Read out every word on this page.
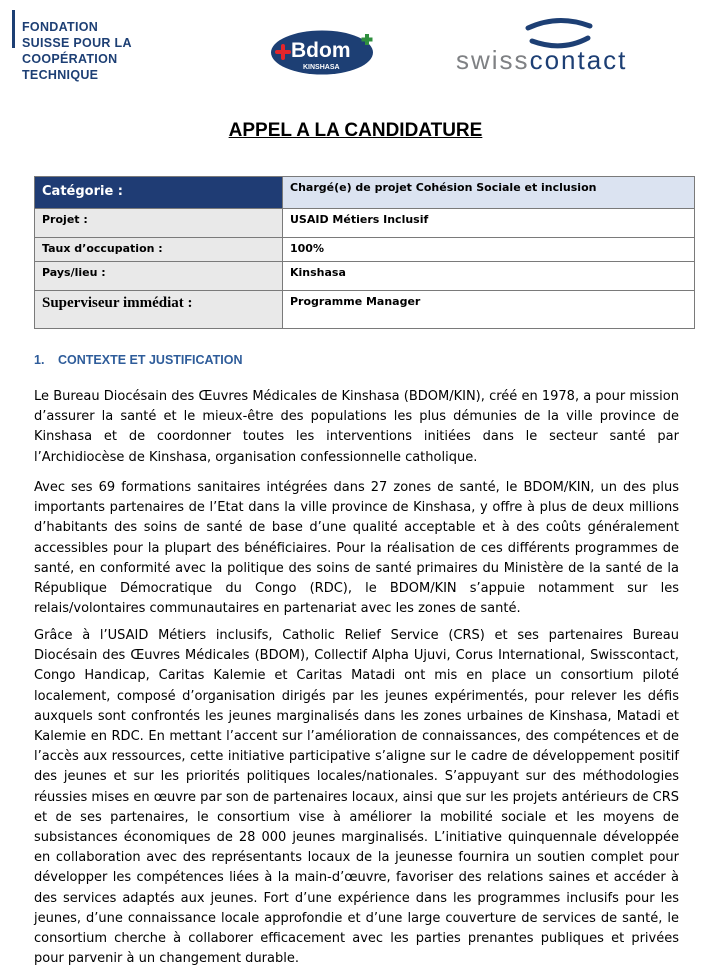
FONDATION
SUISSE POUR LA
COOPÉRATION
TECHNIQUE
Bdom
KINSHASA	swisscontact
APPEL A LA CANDIDATURE
Catégorie :	Chargé(e) de projet Cohésion Sociale et inclusion
Projet :	USAID Métiers Inclusif
Taux d’occupation :	100%
Pays/lieu :	Kinshasa
Superviseur immédiat :	Programme Manager
1. CONTEXTE ET JUSTIFICATION
Le Bureau Diocésain des Œuvres Médicales de Kinshasa (BDOM/KIN), créé en 1978, a pour mission d’assurer la santé et le mieux-être des populations les plus démunies de la ville province de Kinshasa et de coordonner toutes les interventions initiées dans le secteur santé par l’Archidiocèse de Kinshasa, organisation confessionnelle catholique.
Avec ses 69 formations sanitaires intégrées dans 27 zones de santé, le BDOM/KIN, un des plus importants partenaires de l’Etat dans la ville province de Kinshasa, y offre à plus de deux millions d’habitants des soins de santé de base d’une qualité acceptable et à des coûts généralement accessibles pour la plupart des bénéficiaires. Pour la réalisation de ces différents programmes de santé, en conformité avec la politique des soins de santé primaires du Ministère de la santé de la République Démocratique du Congo (RDC), le BDOM/KIN s’appuie notamment sur les relais/volontaires communautaires en partenariat avec les zones de santé.
Grâce à l’USAID Métiers inclusifs, Catholic Relief Service (CRS) et ses partenaires Bureau Diocésain des Œuvres Médicales (BDOM), Collectif Alpha Ujuvi, Corus International, Swisscontact, Congo Handicap, Caritas Kalemie et Caritas Matadi ont mis en place un consortium piloté localement, composé d’organisation dirigés par les jeunes expérimentés, pour relever les défis auxquels sont confrontés les jeunes marginalisés dans les zones urbaines de Kinshasa, Matadi et Kalemie en RDC. En mettant l’accent sur l’amélioration de connaissances, des compétences et de l’accès aux ressources, cette initiative participative s’aligne sur le cadre de développement positif des jeunes et sur les priorités politiques locales/nationales. S’appuyant sur des méthodologies réussies mises en œuvre par son de partenaires locaux, ainsi que sur les projets antérieurs de CRS et de ses partenaires, le consortium vise à améliorer la mobilité sociale et les moyens de subsistances économiques de 28 000 jeunes marginalisés. L’initiative quinquennale développée en collaboration avec des représentants locaux de la jeunesse fournira un soutien complet pour développer les compétences liées à la main-d’œuvre, favoriser des relations saines et accéder à des services adaptés aux jeunes. Fort d’une expérience dans les programmes inclusifs pour les jeunes, d’une connaissance locale approfondie et d’une large couverture de services de santé, le consortium cherche à collaborer efficacement avec les parties prenantes publiques et privées pour parvenir à un changement durable.
